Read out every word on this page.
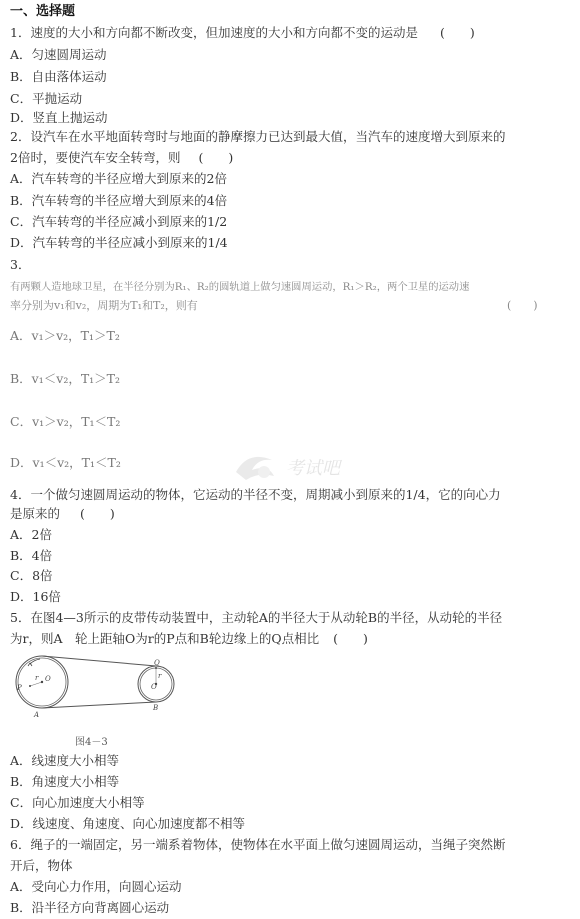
一、选择题
1．速度的大小和方向都不断改变，但加速度的大小和方向都不变的运动是 (　　)
A．匀速圆周运动
B．自由落体运动
C．平抛运动
D．竖直上抛运动
2．设汽车在水平地面转弯时与地面的静摩擦力已达到最大值，当汽车的速度增大到原来的
2倍时，要使汽车安全转弯，则 (　　)
A．汽车转弯的半径应增大到原来的2倍
B．汽车转弯的半径应增大到原来的4倍
C．汽车转弯的半径应减小到原来的1/2
D．汽车转弯的半径应减小到原来的1/4
3．
有两颗人造地球卫星，在半径分别为R₁、R₂的圆轨道上做匀速圆周运动，R₁＞R₂，两个卫星的运动速
率分别为v₁和v₂，周期为T₁和T₂，则有	(　　)
A．v₁＞v₂，T₁＞T₂
B．v₁＜v₂，T₁＞T₂
C．v₁＞v₂，T₁＜T₂
D．v₁＜v₂，T₁＜T₂	考试吧
4．一个做匀速圆周运动的物体，它运动的半径不变，周期减小到原来的1/4，它的向心力
是原来的 (　　)
A．2倍
B．4倍
C．8倍
D．16倍
5．在图4—3所示的皮带传动装置中，主动轮A的半径大于从动轮B的半径，从动轮的半径
为r，则A　轮上距轴O为r的P点和B轮边缘上的Q点相比 (　　)
O
r
P	O
r
Q
A
B
图4－3
A．线速度大小相等
B．角速度大小相等
C．向心加速度大小相等
D．线速度、角速度、向心加速度都不相等
6．绳子的一端固定，另一端系着物体，使物体在水平面上做匀速圆周运动，当绳子突然断
开后，物体
A．受向心力作用，向圆心运动
B．沿半径方向背离圆心运动
